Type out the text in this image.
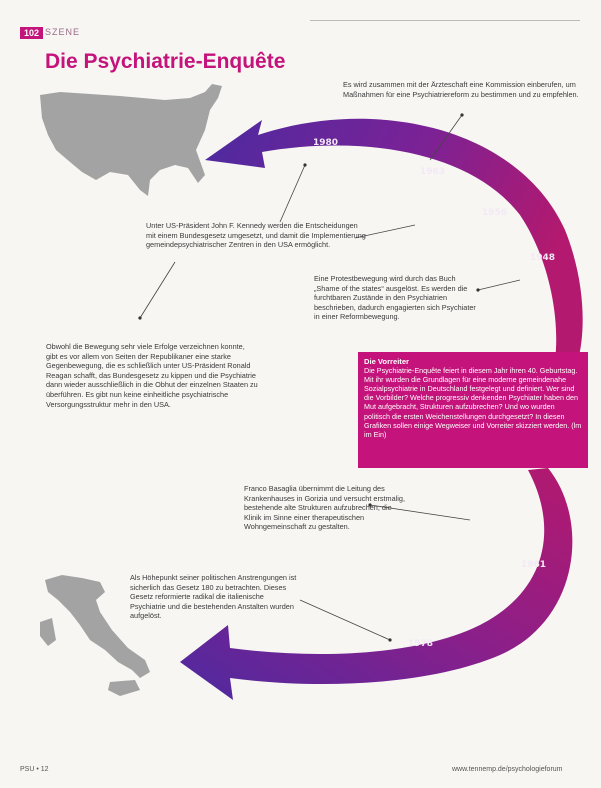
102 SZENE
Die Psychiatrie-Enquête
1980
1963
1956
1948
1961
1978
Es wird zusammen mit der Ärzteschaft eine Kommission einberufen, um Maßnahmen für eine Psychiatriereform zu bestimmen und zu empfehlen.
Unter US-Präsident John F. Kennedy werden die Entscheidungen mit einem Bundesgesetz umgesetzt, und damit die Implementierung gemeindepsychiatrischer Zentren in den USA ermöglicht.
Eine Protestbewegung wird durch das Buch „Shame of the states“ ausgelöst. Es werden die furchtbaren Zustände in den Psychiatrien beschrieben, dadurch engagierten sich Psychiater in einer Reformbewegung.
Obwohl die Bewegung sehr viele Erfolge verzeichnen konnte, gibt es vor allem von Seiten der Republikaner eine starke Gegenbewegung, die es schließlich unter US-Präsident Ronald Reagan schafft, das Bundesgesetz zu kippen und die Psychiatrie dann wieder ausschließlich in die Obhut der einzelnen Staaten zu überführen. Es gibt nun keine einheitliche psychiatrische Versorgungsstruktur mehr in den USA.
Franco Basaglia übernimmt die Leitung des Krankenhauses in Gorizia und versucht erstmalig, bestehende alte Strukturen aufzubrechen, die Klinik im Sinne einer therapeutischen Wohngemeinschaft zu gestalten.
Als Höhepunkt seiner politischen Anstrengungen ist sicherlich das Gesetz 180 zu betrachten. Dieses Gesetz reformierte radikal die italienische Psychiatrie und die bestehenden Anstalten wurden aufgelöst.
Die Vorreiter
Die Psychiatrie-Enquête feiert in diesem Jahr ihren 40. Geburtstag. Mit ihr wurden die Grundlagen für eine moderne gemeindenahe Sozialpsychiatrie in Deutschland festgelegt und definiert. Wer sind die Vorbilder? Welche progressiv denkenden Psychiater haben den Mut aufgebracht, Strukturen aufzubrechen? Und wo wurden politisch die ersten Weichenstellungen durchgesetzt? In diesen Grafiken sollen einige Wegweiser und Vorreiter skizziert werden. (lm im Ein)
PSU • 12	www.tennemp.de/psychologieforum
